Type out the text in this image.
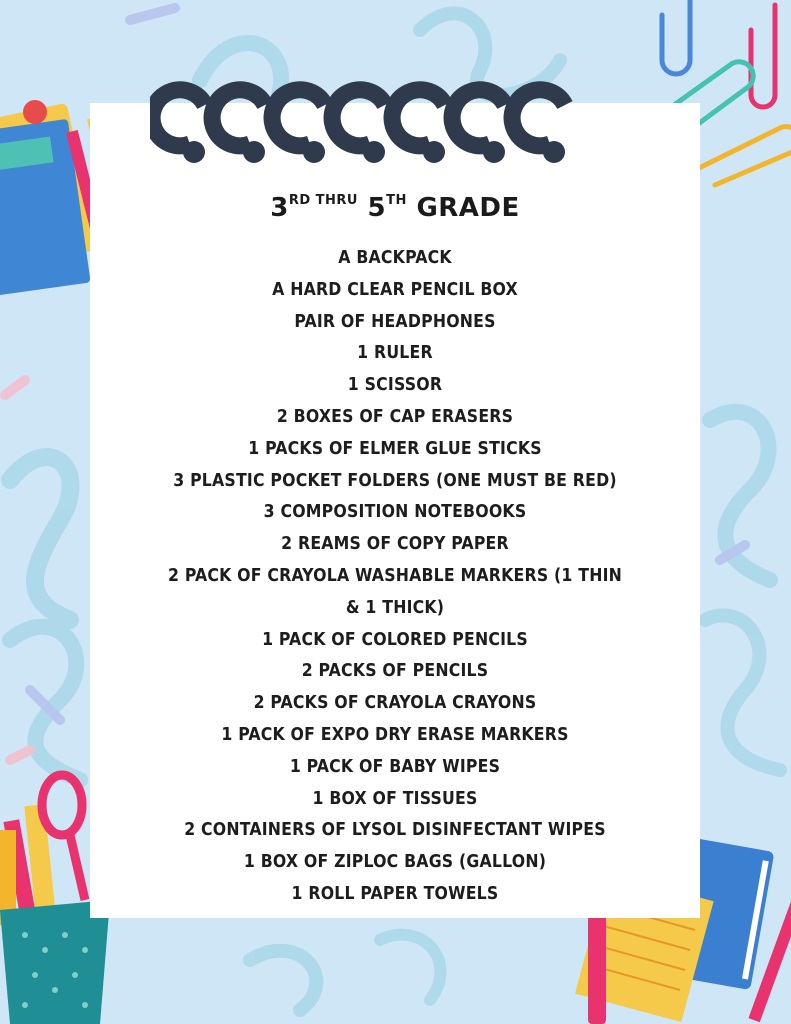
$3^{RD THRU}$ 5TH GRADE
A BACKPACK
A HARD CLEAR PENCIL BOX
PAIR OF HEADPHONES
1 RULER
1 SCISSOR
2 BOXES OF CAP ERASERS
1 PACKS OF ELMER GLUE STICKS
3 PLASTIC POCKET FOLDERS (ONE MUST BE RED)
3 COMPOSITION NOTEBOOKS
2 REAMS OF COPY PAPER
2 PACK OF CRAYOLA WASHABLE MARKERS (1 THIN & 1 THICK)
1 PACK OF COLORED PENCILS
2 PACKS OF PENCILS
2 PACKS OF CRAYOLA CRAYONS
1 PACK OF EXPO DRY ERASE MARKERS
1 PACK OF BABY WIPES
1 BOX OF TISSUES
2 CONTAINERS OF LYSOL DISINFECTANT WIPES
1 BOX OF ZIPLOC BAGS (GALLON)
1 ROLL PAPER TOWELS
